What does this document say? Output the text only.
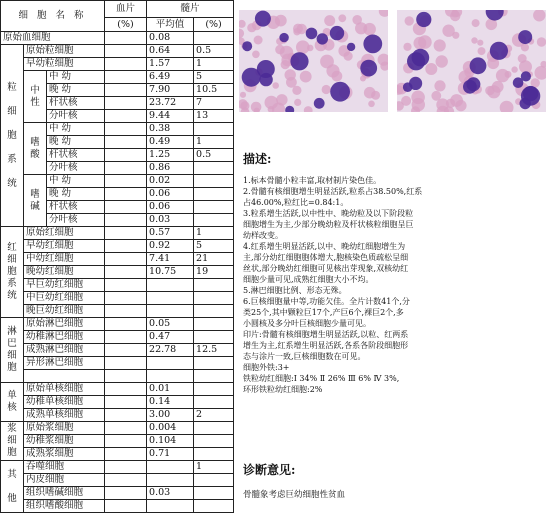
细 胞 名 称			血片	髓片	
			(%)	平均值	(%)
原始血细胞				0.08	

粒
细
胞
系
统	原始粒细胞			0.64	0.5
	早幼粒细胞			1.57	1

	中
性	中 幼		6.49	5
		晚 幼		7.90	10.5
		杆状核		23.72	7
		分叶核		9.44	13

	嗜
酸	中 幼		0.38	
		晚 幼		0.49	1
		杆状核		1.25	0.5
		分叶核		0.86	

	嗜
碱	中 幼		0.02	
		晚 幼		0.06	
		杆状核		0.06	
		分叶核		0.03	

红
细
胞
系
统	原始红细胞			0.57	1
	早幼红细胞			0.92	5
	中幼红细胞			7.41	21
	晚幼红细胞			10.75	19
	早巨幼红细胞				
	中巨幼红细胞				
	晚巨幼红细胞				

淋
巴
细
胞	原始淋巴细胞			0.05	
	幼稚淋巴细胞			0.47	
	成熟淋巴细胞			22.78	12.5
	异形淋巴细胞				

单
核	原始单核细胞			0.01	
	幼稚单核细胞			0.14	
	成熟单核细胞			3.00	2

浆
细
胞	原始浆细胞			0.004	
	幼稚浆细胞			0.104	
	成熟浆细胞			0.71	

其
他	吞噬细胞				1
	内皮细胞				
	组织嗜碱细胞			0.03	
	组织嗜酸细胞				
描述:
1.标本骨髓小粒丰富,取材制片染色佳。
2.骨髓有核细胞增生明显活跃,粒系占38.50%,红系
占46.00%,粒红比=0.84:1。
3.粒系增生活跃,以中性中、晚幼粒及以下阶段粒
细胞增生为主,少部分晚幼粒及杆状核粒细胞呈巨
幼样改变。
4.红系增生明显活跃,以中、晚幼红细胞增生为
主,部分幼红细胞胞体增大,胞核染色质疏松呈细
丝状,部分晚幼红细胞可见核出芽现象,双核幼红
细胞少量可见,成熟红细胞大小不均。
5.淋巴细胞比例、形态无殊。
6.巨核细胞量中等,功能欠佳。全片计数41个,分
类25个,其中颗粒巨17个,产巨6个,裸巨2个,多
小圆核及多分叶巨核细胞少量可见。
印片:骨髓有核细胞增生明显活跃,以粒、红两系
增生为主,红系增生明显活跃,各系各阶段细胞形
态与涂片一致,巨核细胞数在可见。
细胞外铁:3+
铁粒幼红细胞:Ⅰ 34% Ⅱ 26% Ⅲ 6% Ⅳ 3%,
环形铁粒幼红细胞:2%
诊断意见:
骨髓象考虑巨幼细胞性贫血
